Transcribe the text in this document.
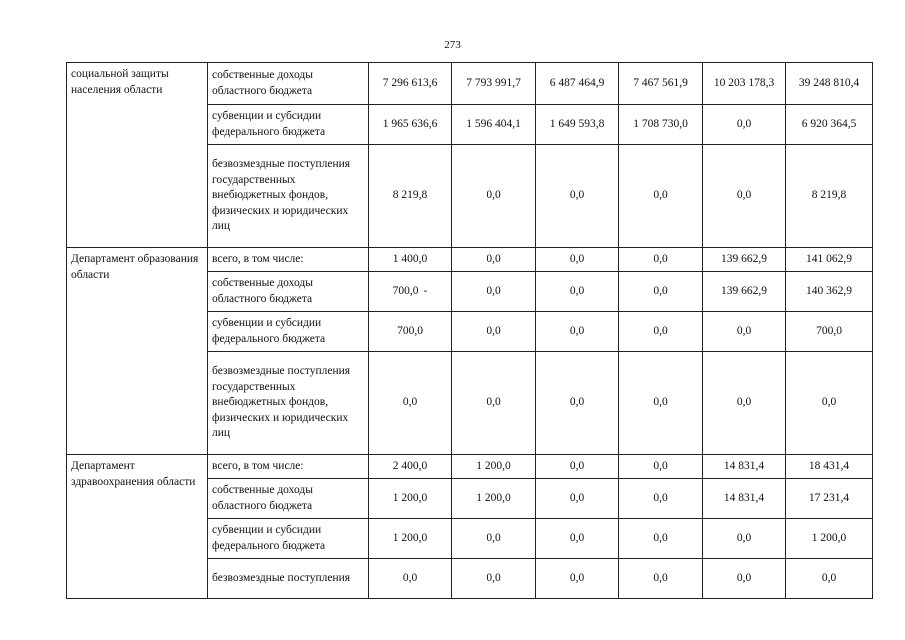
273
социальной защиты населения области	собственные доходы областного бюджета	7 296 613,6	7 793 991,7	6 487 464,9	7 467 561,9	10 203 178,3	39 248 810,4
	субвенции и субсидии федерального бюджета	1 965 636,6	1 596 404,1	1 649 593,8	1 708 730,0	0,0	6 920 364,5
	безвозмездные поступления государственных внебюджетных фондов, физических и юридических лиц	8 219,8	0,0	0,0	0,0	0,0	8 219,8
Департамент образования области	всего, в том числе:	1 400,0	0,0	0,0	0,0	139 662,9	141 062,9
	собственные доходы областного бюджета	700,0 -	0,0	0,0	0,0	139 662,9	140 362,9
	субвенции и субсидии федерального бюджета	700,0	0,0	0,0	0,0	0,0	700,0
	безвозмездные поступления государственных внебюджетных фондов, физических и юридических лиц	0,0	0,0	0,0	0,0	0,0	0,0
Департамент здравоохранения области	всего, в том числе:	2 400,0	1 200,0	0,0	0,0	14 831,4	18 431,4
	собственные доходы областного бюджета	1 200,0	1 200,0	0,0	0,0	14 831,4	17 231,4
	субвенции и субсидии федерального бюджета	1 200,0	0,0	0,0	0,0	0,0	1 200,0
	безвозмездные поступления	0,0	0,0	0,0	0,0	0,0	0,0
